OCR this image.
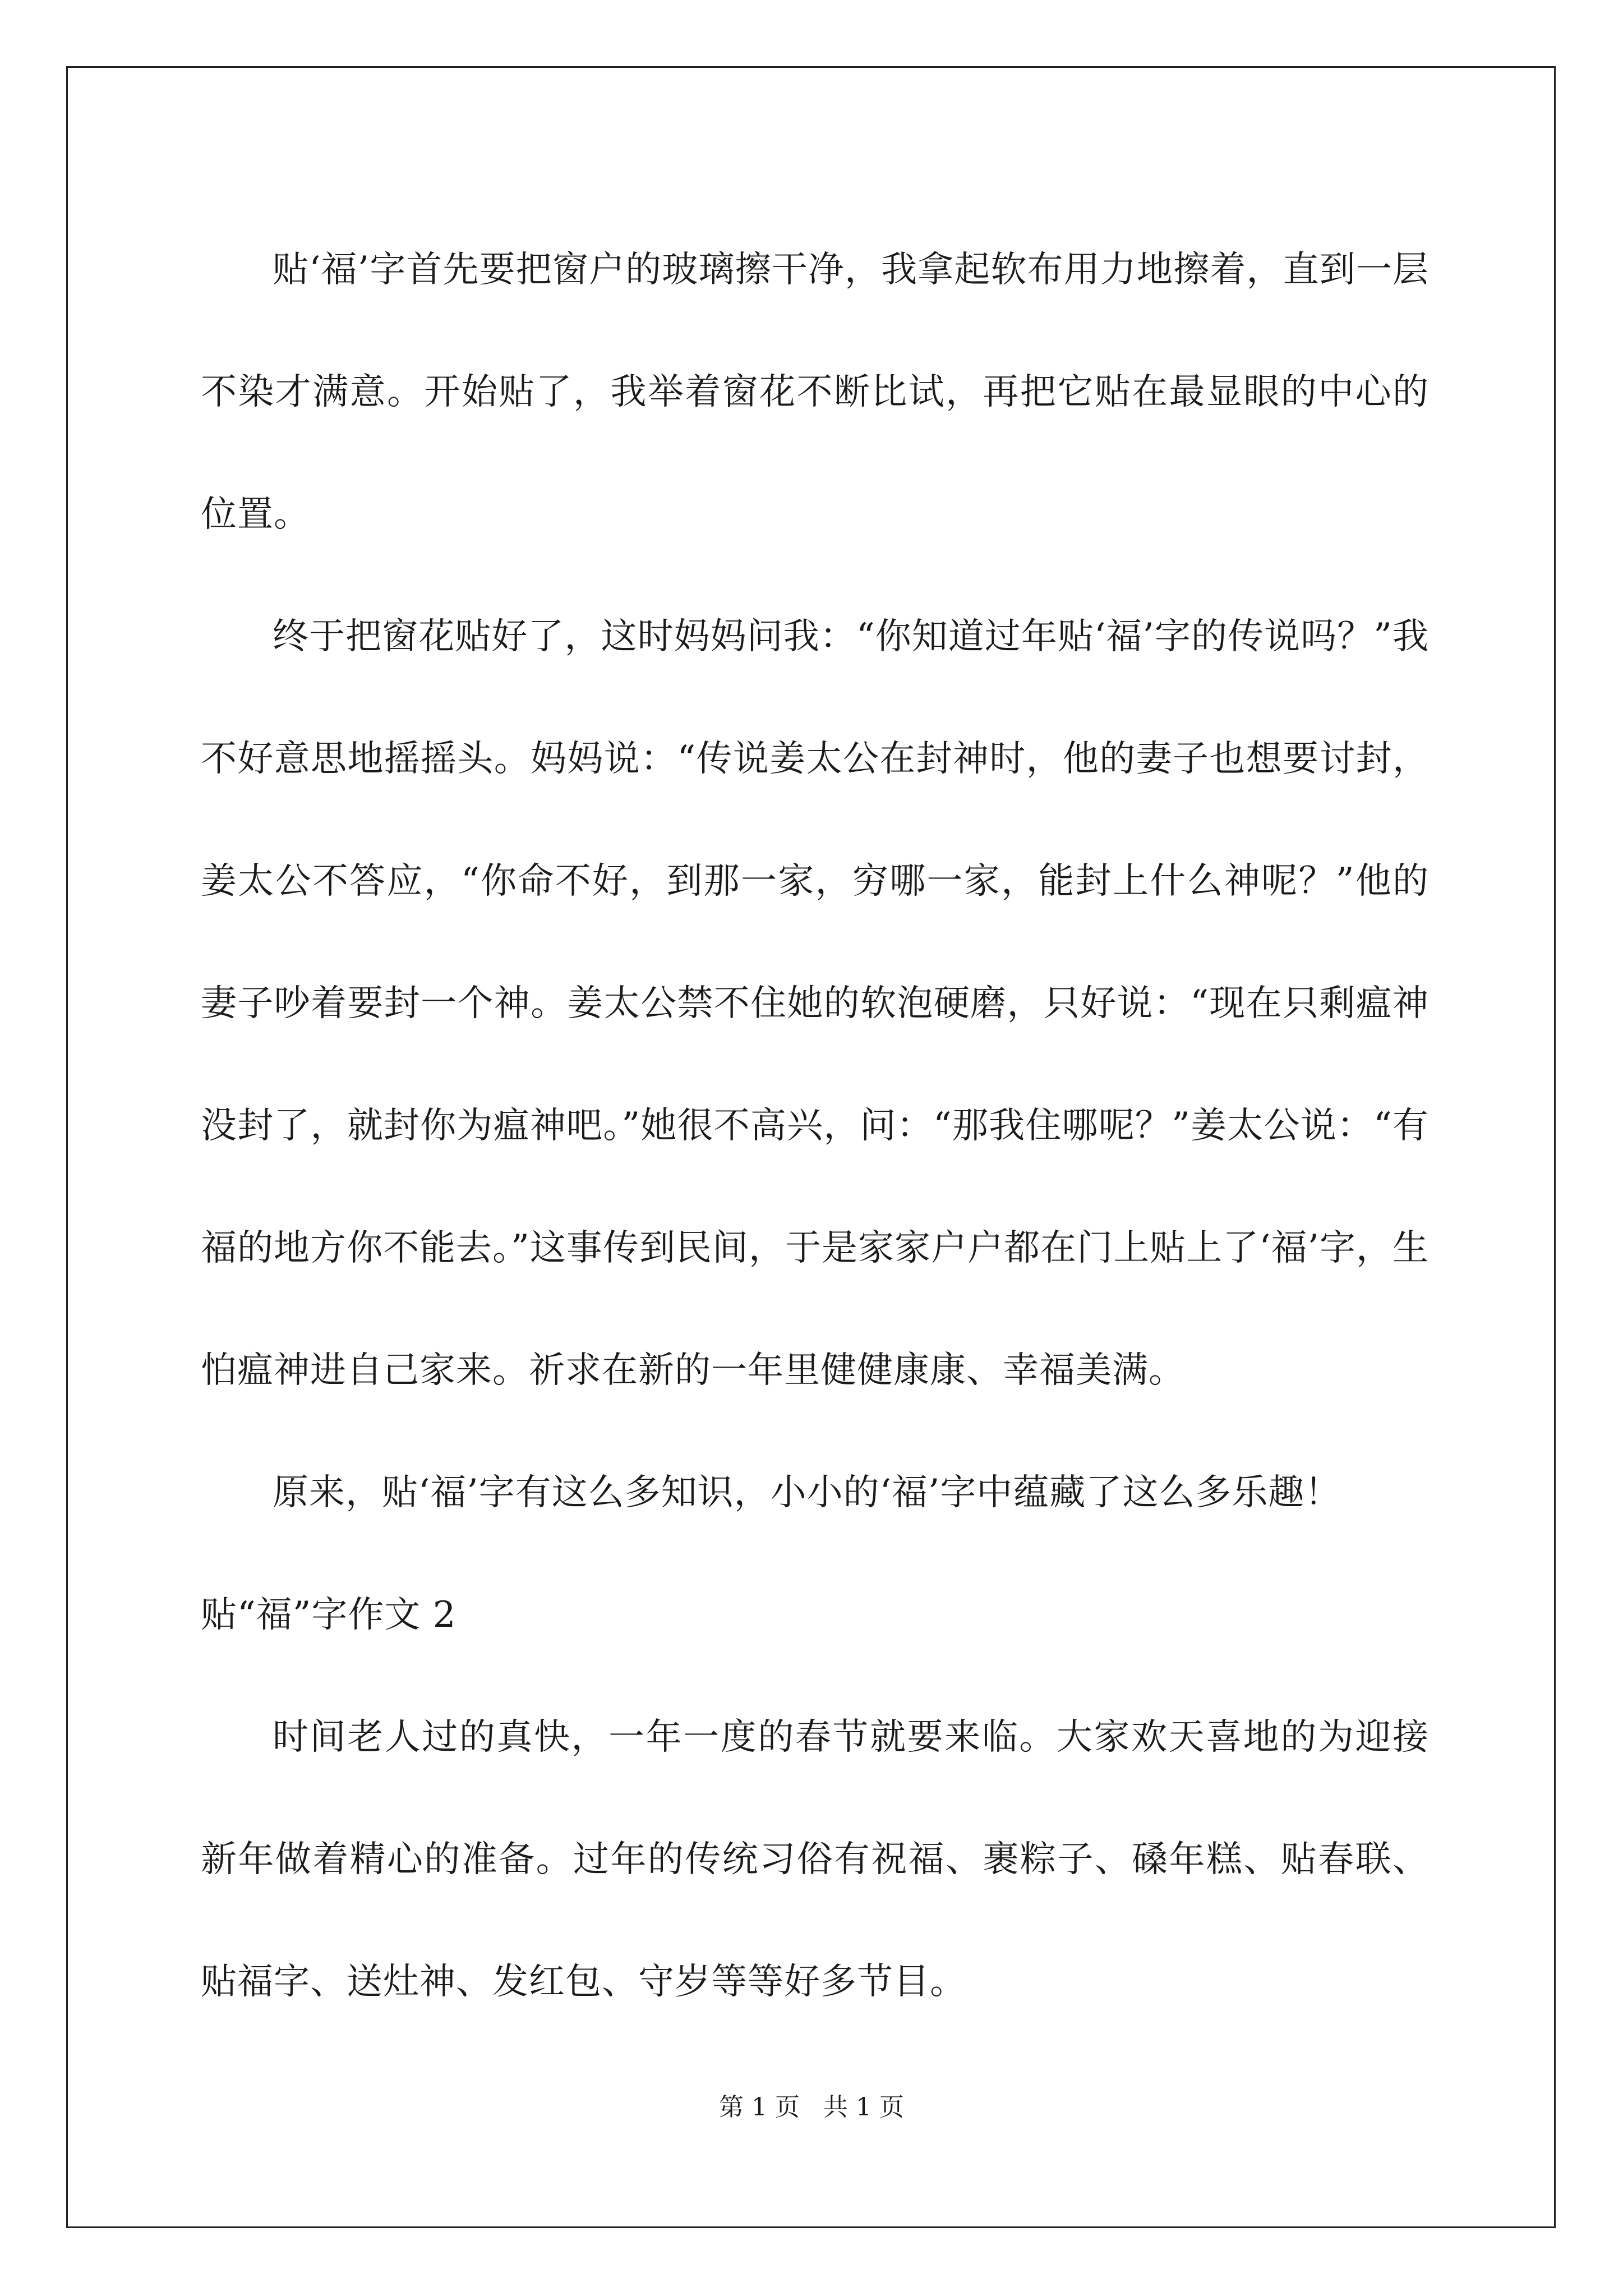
贴‘福’字首先要把窗户的玻璃擦干净，我拿起软布用力地擦着，直到一层不染才满意。开始贴了，我举着窗花不断比试，再把它贴在最显眼的中心的位置。

终于把窗花贴好了，这时妈妈问我：“你知道过年贴‘福’字的传说吗？”我不好意思地摇摇头。妈妈说：“传说姜太公在封神时，他的妻子也想要讨封，姜太公不答应，“你命不好，到那一家，穷哪一家，能封上什么神呢？”他的妻子吵着要封一个神。姜太公禁不住她的软泡硬磨，只好说：“现在只剩瘟神没封了，就封你为瘟神吧。”她很不高兴，问：“那我住哪呢？”姜太公说：“有福的地方你不能去。”这事传到民间，于是家家户户都在门上贴上了‘福’字，生怕瘟神进自己家来。祈求在新的一年里健健康康、幸福美满。

原来，贴‘福’字有这么多知识，小小的‘福’字中蕴藏了这么多乐趣！

贴“福”字作文 2

时间老人过的真快，一年一度的春节就要来临。大家欢天喜地的为迎接新年做着精心的准备。过年的传统习俗有祝福、裹粽子、磉年糕、贴春联、贴福字、送灶神、发红包、守岁等等好多节目。

第 1 页 共 1 页
